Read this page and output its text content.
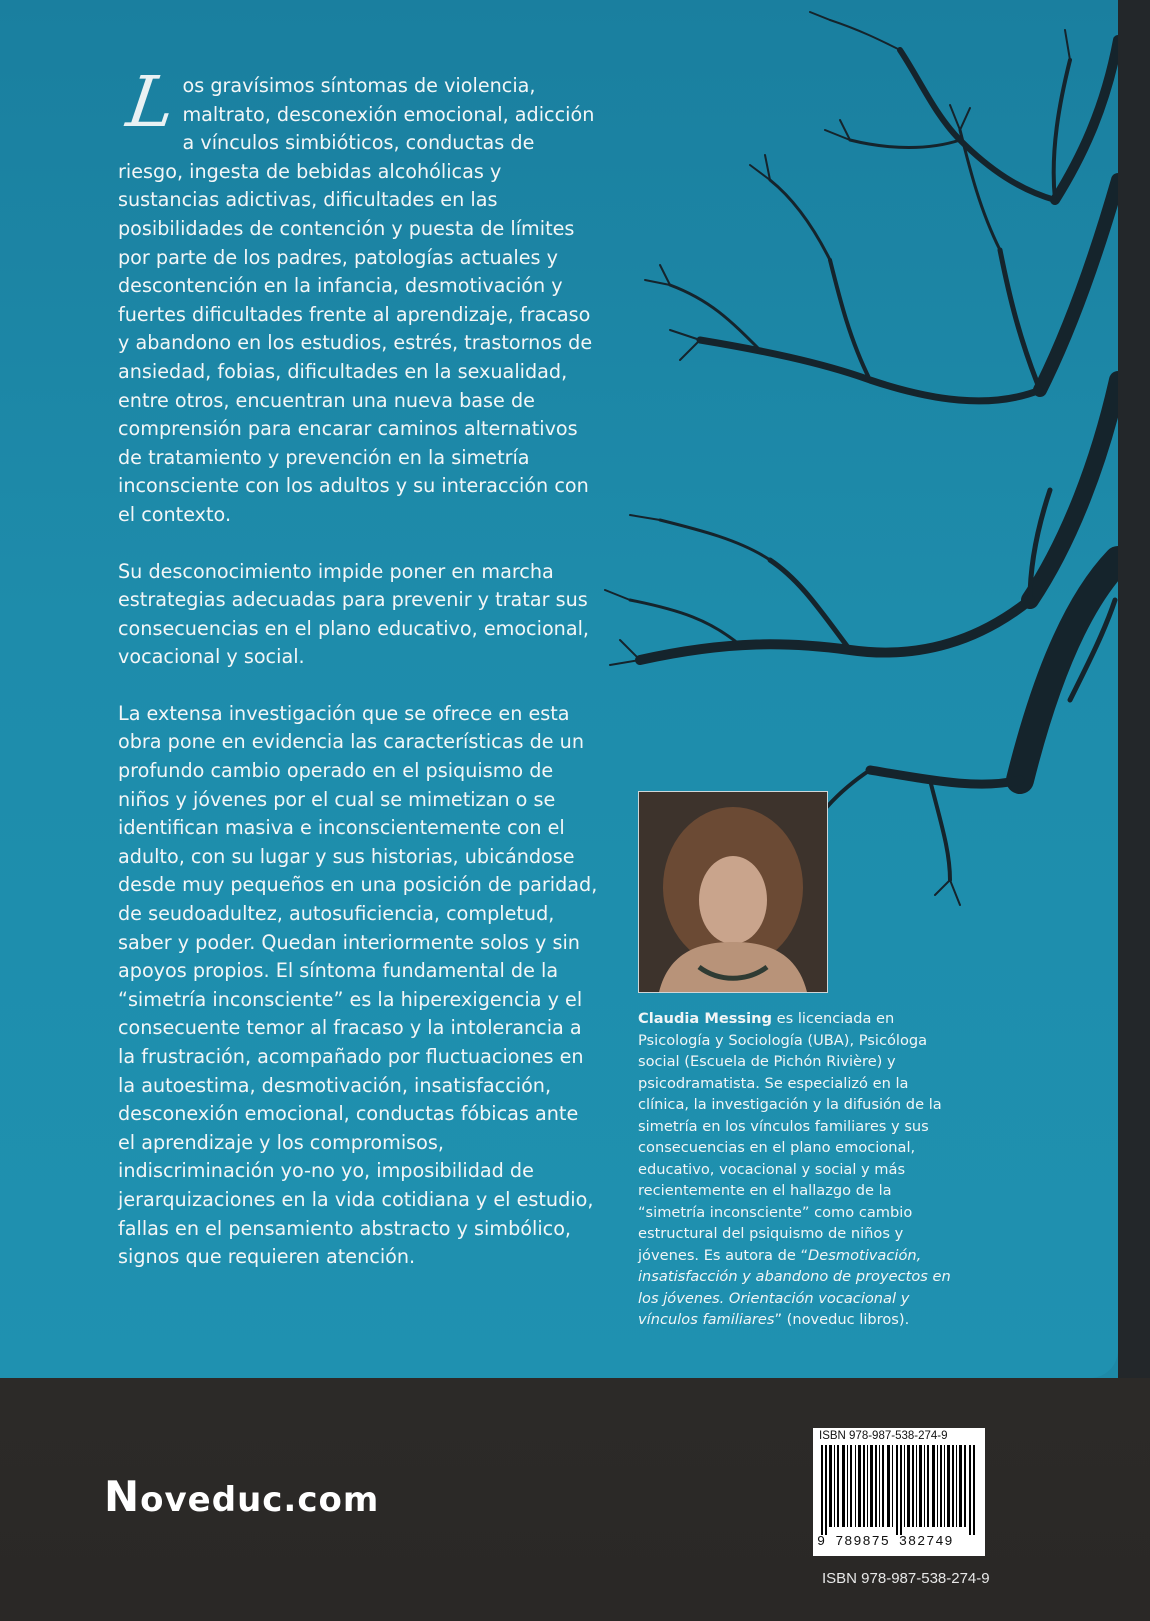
Los gravísimos síntomas de violencia, maltrato, desconexión emocional, adicción a vínculos simbióticos, conductas de riesgo, ingesta de bebidas alcohólicas y sustancias adictivas, dificultades en las posibilidades de contención y puesta de límites por parte de los padres, patologías actuales y descontención en la infancia, desmotivación y fuertes dificultades frente al aprendizaje, fracaso y abandono en los estudios, estrés, trastornos de ansiedad, fobias, dificultades en la sexualidad, entre otros, encuentran una nueva base de comprensión para encarar caminos alternativos de tratamiento y prevención en la simetría inconsciente con los adultos y su interacción con el contexto.

Su desconocimiento impide poner en marcha estrategias adecuadas para prevenir y tratar sus consecuencias en el plano educativo, emocional, vocacional y social.

La extensa investigación que se ofrece en esta obra pone en evidencia las características de un profundo cambio operado en el psiquismo de niños y jóvenes por el cual se mimetizan o se identifican masiva e inconscientemente con el adulto, con su lugar y sus historias, ubicándose desde muy pequeños en una posición de paridad, de seudoadultez, autosuficiencia, completud, saber y poder. Quedan interiormente solos y sin apoyos propios. El síntoma fundamental de la “simetría inconsciente” es la hiperexigencia y el consecuente temor al fracaso y la intolerancia a la frustración, acompañado por fluctuaciones en la autoestima, desmotivación, insatisfacción, desconexión emocional, conductas fóbicas ante el aprendizaje y los compromisos, indiscriminación yo-no yo, imposibilidad de jerarquizaciones en la vida cotidiana y el estudio, fallas en el pensamiento abstracto y simbólico, signos que requieren atención.

Claudia Messing es licenciada en Psicología y Sociología (UBA), Psicóloga social (Escuela de Pichón Rivière) y psicodramatista. Se especializó en la clínica, la investigación y la difusión de la simetría en los vínculos familiares y sus consecuencias en el plano emocional, educativo, vocacional y social y más recientemente en el hallazgo de la “simetría inconsciente” como cambio estructural del psiquismo de niños y jóvenes. Es autora de “Desmotivación, insatisfacción y abandono de proyectos en los jóvenes. Orientación vocacional y vínculos familiares” (noveduc libros).

Noveduc.com
ISBN 978-987-538-274-9
9 789875 382749
ISBN 978-987-538-274-9
